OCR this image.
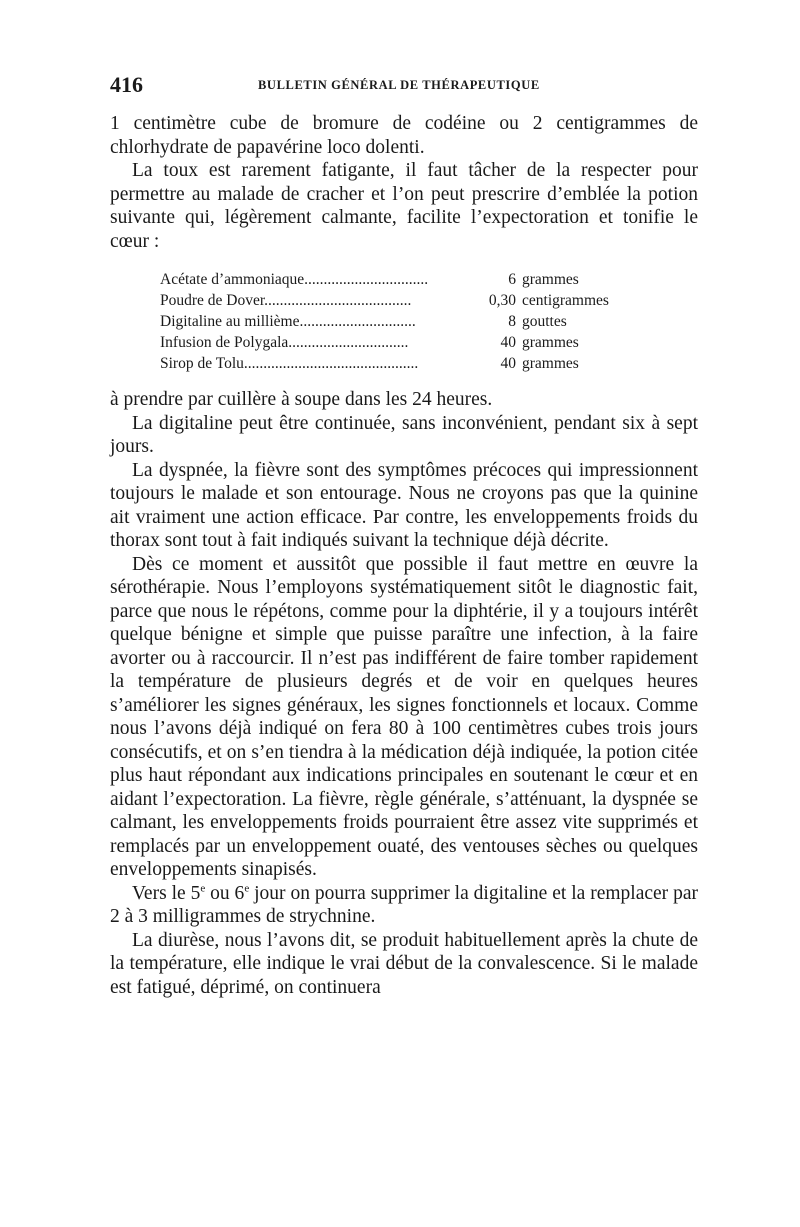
416	BULLETIN GÉNÉRAL DE THÉRAPEUTIQUE

1 centimètre cube de bromure de codéine ou 2 centigrammes de chlorhydrate de papavérine loco dolenti.

La toux est rarement fatigante, il faut tâcher de la respecter pour permettre au malade de cracher et l’on peut prescrire d’emblée la potion suivante qui, légèrement calmante, facilite l’expectoration et tonifie le cœur :

Acétate d’ammoniaque................................	6 grammes
Poudre de Dover......................................	0,30 centigrammes
Digitaline au millième..............................	8 gouttes
Infusion de Polygala...............................	40 grammes
Sirop de Tolu.............................................	40 grammes

à prendre par cuillère à soupe dans les 24 heures.

La digitaline peut être continuée, sans inconvénient, pendant six à sept jours.

La dyspnée, la fièvre sont des symptômes précoces qui impressionnent toujours le malade et son entourage. Nous ne croyons pas que la quinine ait vraiment une action efficace. Par contre, les enveloppements froids du thorax sont tout à fait indiqués suivant la technique déjà décrite.

Dès ce moment et aussitôt que possible il faut mettre en œuvre la sérothérapie. Nous l’employons systématiquement sitôt le diagnostic fait, parce que nous le répétons, comme pour la diphtérie, il y a toujours intérêt quelque bénigne et simple que puisse paraître une infection, à la faire avorter ou à raccourcir. Il n’est pas indifférent de faire tomber rapidement la température de plusieurs degrés et de voir en quelques heures s’améliorer les signes généraux, les signes fonctionnels et locaux. Comme nous l’avons déjà indiqué on fera 80 à 100 centimètres cubes trois jours consécutifs, et on s’en tiendra à la médication déjà indiquée, la potion citée plus haut répondant aux indications principales en soutenant le cœur et en aidant l’expectoration. La fièvre, règle générale, s’atténuant, la dyspnée se calmant, les enveloppements froids pourraient être assez vite supprimés et remplacés par un enveloppement ouaté, des ventouses sèches ou quelques enveloppements sinapisés.

Vers le 5e ou 6e jour on pourra supprimer la digitaline et la remplacer par 2 à 3 milligrammes de strychnine.

La diurèse, nous l’avons dit, se produit habituellement après la chute de la température, elle indique le vrai début de la convalescence. Si le malade est fatigué, déprimé, on continuera
